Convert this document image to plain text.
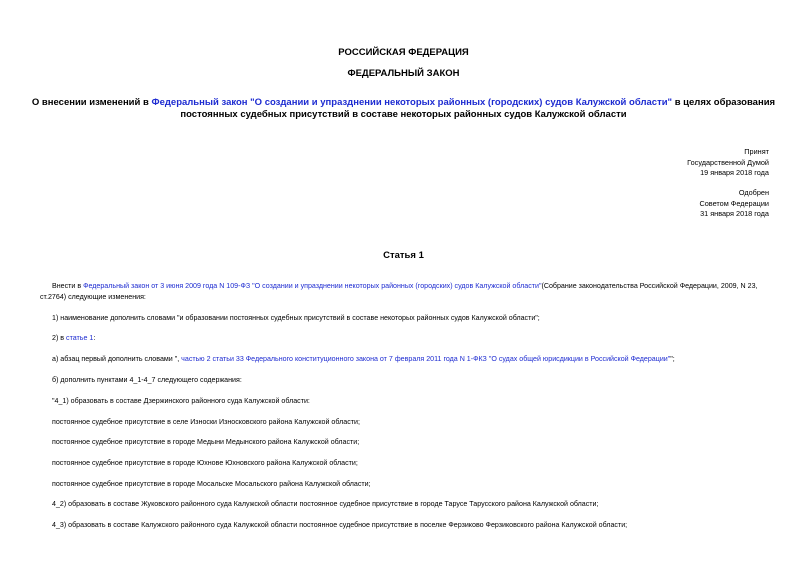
РОССИЙСКАЯ ФЕДЕРАЦИЯ
ФЕДЕРАЛЬНЫЙ ЗАКОН
О внесении изменений в Федеральный закон "О создании и упразднении некоторых районных (городских) судов Калужской области" в целях образования
постоянных судебных присутствий в составе некоторых районных судов Калужской области
Принят
Государственной Думой
19 января 2018 года
Одобрен
Советом Федерации
31 января 2018 года
Статья 1
Внести в Федеральный закон от 3 июня 2009 года N 109-ФЗ "О создании и упразднении некоторых районных (городских) судов Калужской области"(Собрание законодательства Российской Федерации, 2009, N 23,
ст.2764) следующие изменения:
1) наименование дополнить словами "и образовании постоянных судебных присутствий в составе некоторых районных судов Калужской области";
2) в статье 1:
а) абзац первый дополнить словами ", частью 2 статьи 33 Федерального конституционного закона от 7 февраля 2011 года N 1-ФКЗ "О судах общей юрисдикции в Российской Федерации"";
б) дополнить пунктами 4_1-4_7 следующего содержания:
"4_1) образовать в составе Дзержинского районного суда Калужской области:
постоянное судебное присутствие в селе Износки Износковского района Калужской области;
постоянное судебное присутствие в городе Медыни Медынского района Калужской области;
постоянное судебное присутствие в городе Юхнове Юхновского района Калужской области;
постоянное судебное присутствие в городе Мосальске Мосальского района Калужской области;
4_2) образовать в составе Жуковского районного суда Калужской области постоянное судебное присутствие в городе Тарусе Тарусского района Калужской области;
4_3) образовать в составе Калужского районного суда Калужской области постоянное судебное присутствие в поселке Ферзиково Ферзиковского района Калужской области;
